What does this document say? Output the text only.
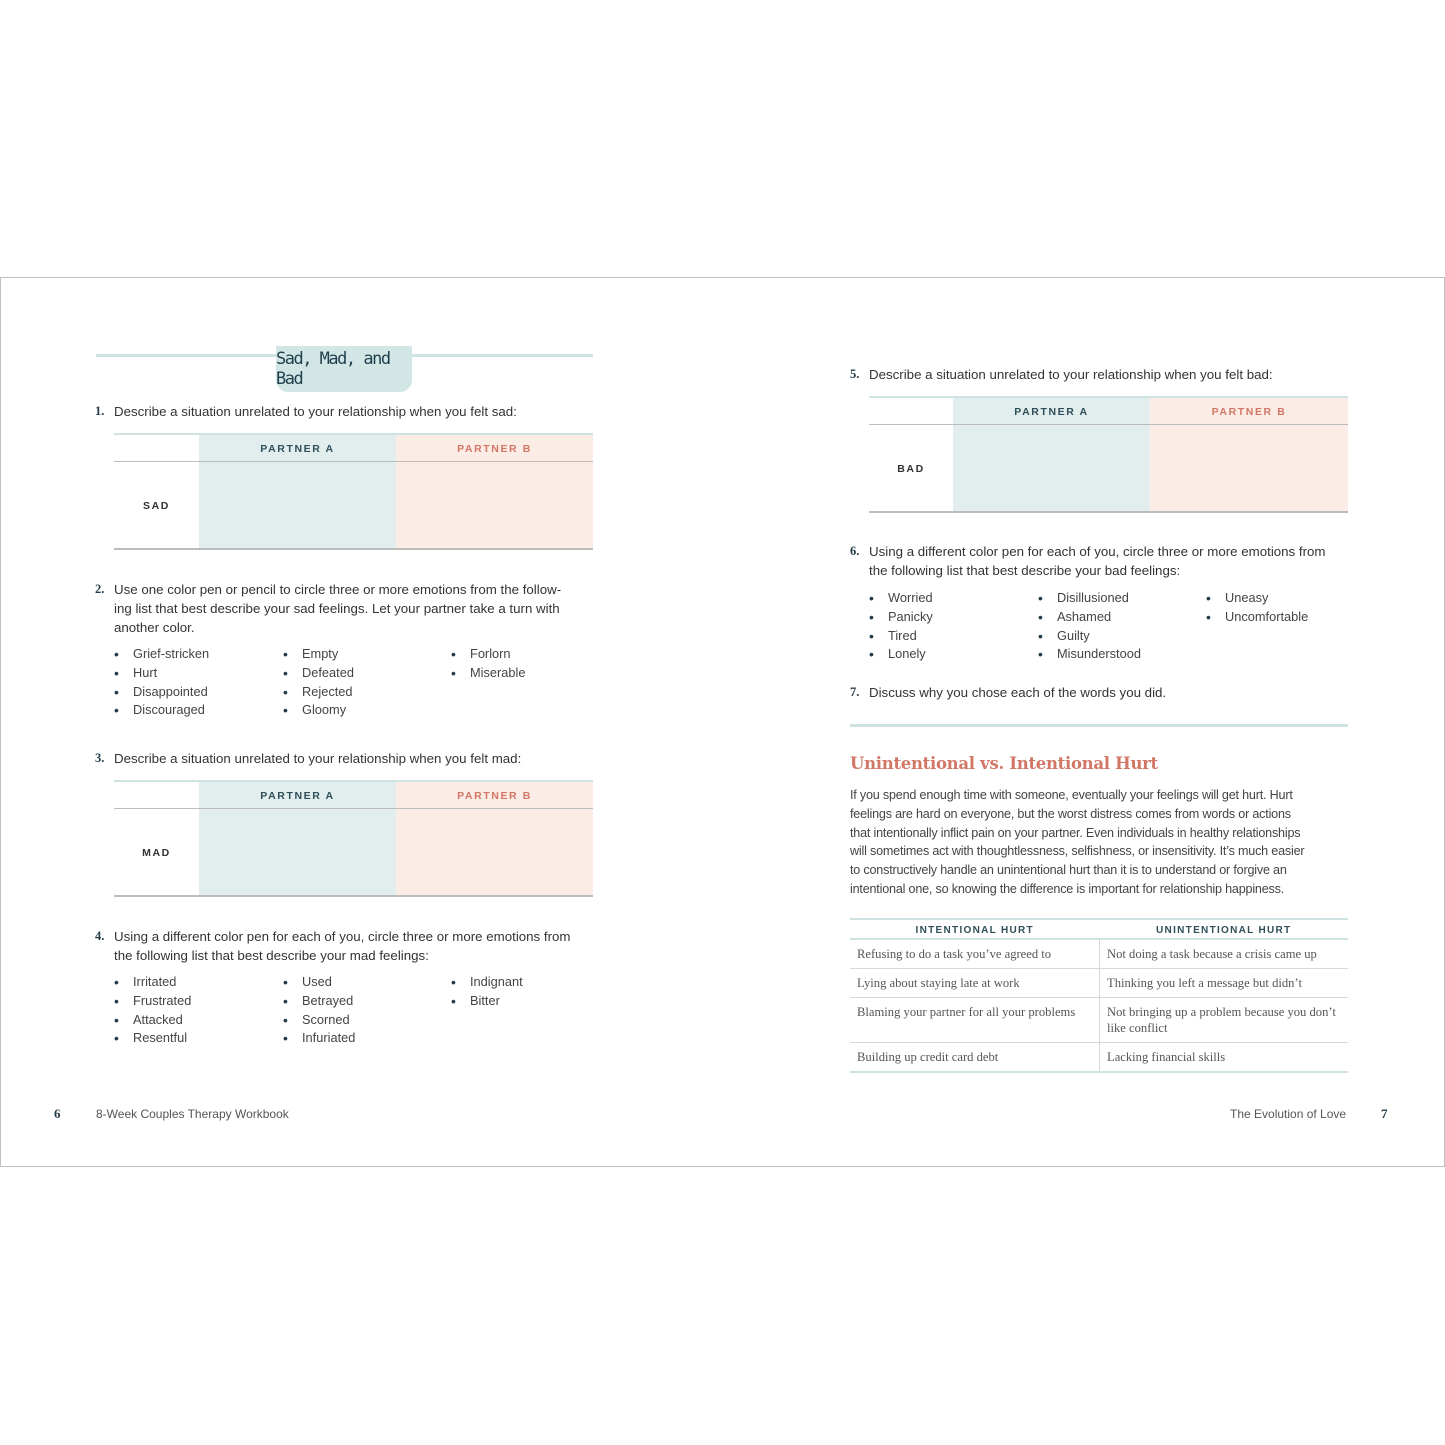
Sad, Mad, and Bad
1. Describe a situation unrelated to your relationship when you felt sad:
PARTNER A	PARTNER B
SAD
2. Use one color pen or pencil to circle three or more emotions from the follow-
ing list that best describe your sad feelings. Let your partner take a turn with
another color.
• Grief-stricken
• Hurt
• Disappointed
• Discouraged
• Empty
• Defeated
• Rejected
• Gloomy
• Forlorn
• Miserable
3. Describe a situation unrelated to your relationship when you felt mad:
PARTNER A	PARTNER B
MAD
4. Using a different color pen for each of you, circle three or more emotions from
the following list that best describe your mad feelings:
• Irritated
• Frustrated
• Attacked
• Resentful
• Used
• Betrayed
• Scorned
• Infuriated
• Indignant
• Bitter
6	8-Week Couples Therapy Workbook
5. Describe a situation unrelated to your relationship when you felt bad:
PARTNER A	PARTNER B
BAD
6. Using a different color pen for each of you, circle three or more emotions from
the following list that best describe your bad feelings:
• Worried
• Panicky
• Tired
• Lonely
• Disillusioned
• Ashamed
• Guilty
• Misunderstood
• Uneasy
• Uncomfortable
7. Discuss why you chose each of the words you did.
Unintentional vs. Intentional Hurt
If you spend enough time with someone, eventually your feelings will get hurt. Hurt
feelings are hard on everyone, but the worst distress comes from words or actions
that intentionally inflict pain on your partner. Even individuals in healthy relationships
will sometimes act with thoughtlessness, selfishness, or insensitivity. It’s much easier
to constructively handle an unintentional hurt than it is to understand or forgive an
intentional one, so knowing the difference is important for relationship happiness.
INTENTIONAL HURT	UNINTENTIONAL HURT
Refusing to do a task you’ve agreed to	Not doing a task because a crisis came up
Lying about staying late at work	Thinking you left a message but didn’t
Blaming your partner for all your problems	Not bringing up a problem because you don’t like conflict
Building up credit card debt	Lacking financial skills
The Evolution of Love	7
